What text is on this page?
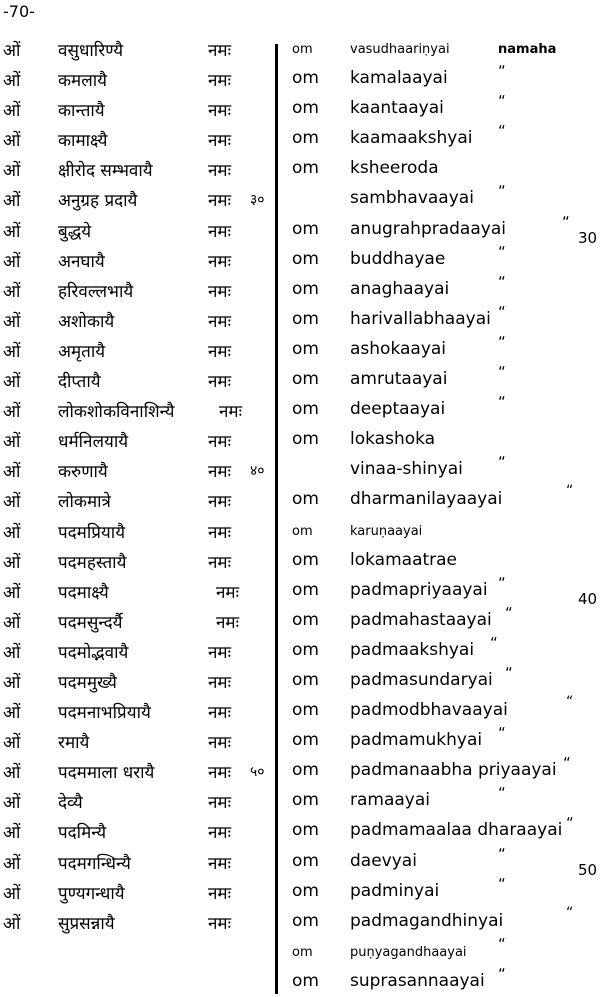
-70-
ओं वसुधारिण्यै	नमः	om	vasudhaariṇyai	namaha
ओं कमलायै	नमः	om kamalaayai	“
ओं कान्तायै	नमः	om kaantaayai	“
ओं कामाक्ष्यै	नमः	om kaamaakshyai “
ओं क्षीरोद सम्भवायै	नमः	om ksheeroda
ओं अनुग्रह प्रदायै	नमः ३०	sambhavaayai “
ओं बुद्धये	नमः	om anugrahpradaayai	“
30
ओं अनघायै	नमः	om buddhayae	“
ओं हरिवल्लभायै	नमः	om anaghaayai	“
ओं अशोकायै	नमः	om harivallabhaayai “
ओं अमृतायै	नमः	om ashokaayai	“
ओं दीप्तायै	नमः	om amrutaayai	“
ओं लोकशोकविनाशिन्यै	नमः	om deeptaayai	“
ओं धर्मनिलयायै	नमः	om lokashoka
ओं करुणायै	नमः ४०	vinaa-shinyai “
ओं लोकमात्रे	नमः	om dharmanilayaayai	“
ओं पदमप्रियायै	नमः	om	karuṇaayai
ओं पदमहस्तायै	नमः	om lokamaatrae
ओं पदमाक्ष्यै	नमः	om padmapriyaayai “
40
ओं पदमसुन्दर्यै	नमः	om padmahastaayai “
ओं पदमोद्भवायै	नमः	om padmaakshyai “
ओं पदममुख्यै	नमः	om padmasundaryai “
ओं पदमनाभप्रियायै	नमः	om padmodbhavaayai	“
ओं रमायै	नमः	om padmamukhyai “
ओं पदममाला धरायै	नमः ५० om padmanaabha priyaayai “
ओं देव्यै	नमः	om ramaayai	“
ओं पदमिन्यै	नमः	om padmamaalaa dharaayai “
ओं पदमगन्धिन्यै	नमः	om daevyai	“
50
ओं पुण्यगन्धायै	नमः	om padminyai	“
ओं सुप्रसन्नायै	नमः	om padmagandhinyai	“
om	puṇyagandhaayai “
om suprasannaayai “
